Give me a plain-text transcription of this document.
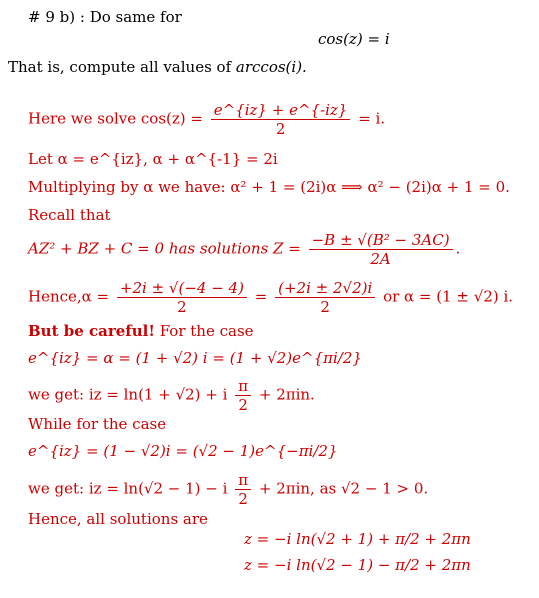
# 9 b) : Do same for
cos(z) = i
That is, compute all values of arccos(i).
Here we solve $\cos(z) = \frac{e\^{}\{iz\} + e\^{}\{-iz\}}{2} = i$.
Let α = e^{iz}, α + α^{-1} = 2i
Multiplying by α we have: α² + 1 = (2i)α ⟹ α² − (2i)α + 1 = 0.
Recall that
AZ² + BZ + C = 0 has solutions $Z = \frac{\text{−B ± √(B² − 3AC)}}{2A}$ .
Hence,α = $\frac{+2i \pm √(-4 - 4)}{2} = \frac{(+2i \pm 2√2)i}{2}$ or α = (1 ± √2) i.
But be careful! For the case
e^{iz} = α = (1 + √2) i = (1 + √2)e^{πi/2}
we get: iz = ln(1 + √2) + i $\frac{\pi}{2} + 2\pi in$.
While for the case
e^{iz} = (1 − √2)i = (√2 − 1)e^{−πi/2}
we get: iz = ln(√2 − 1) − i $\frac{\pi}{2} + 2\pi in$, as √2 − 1 > 0.
Hence, all solutions are
z = −i ln(√2 + 1) + π/2 + 2πn
z = −i ln(√2 − 1) − π/2 + 2πn
